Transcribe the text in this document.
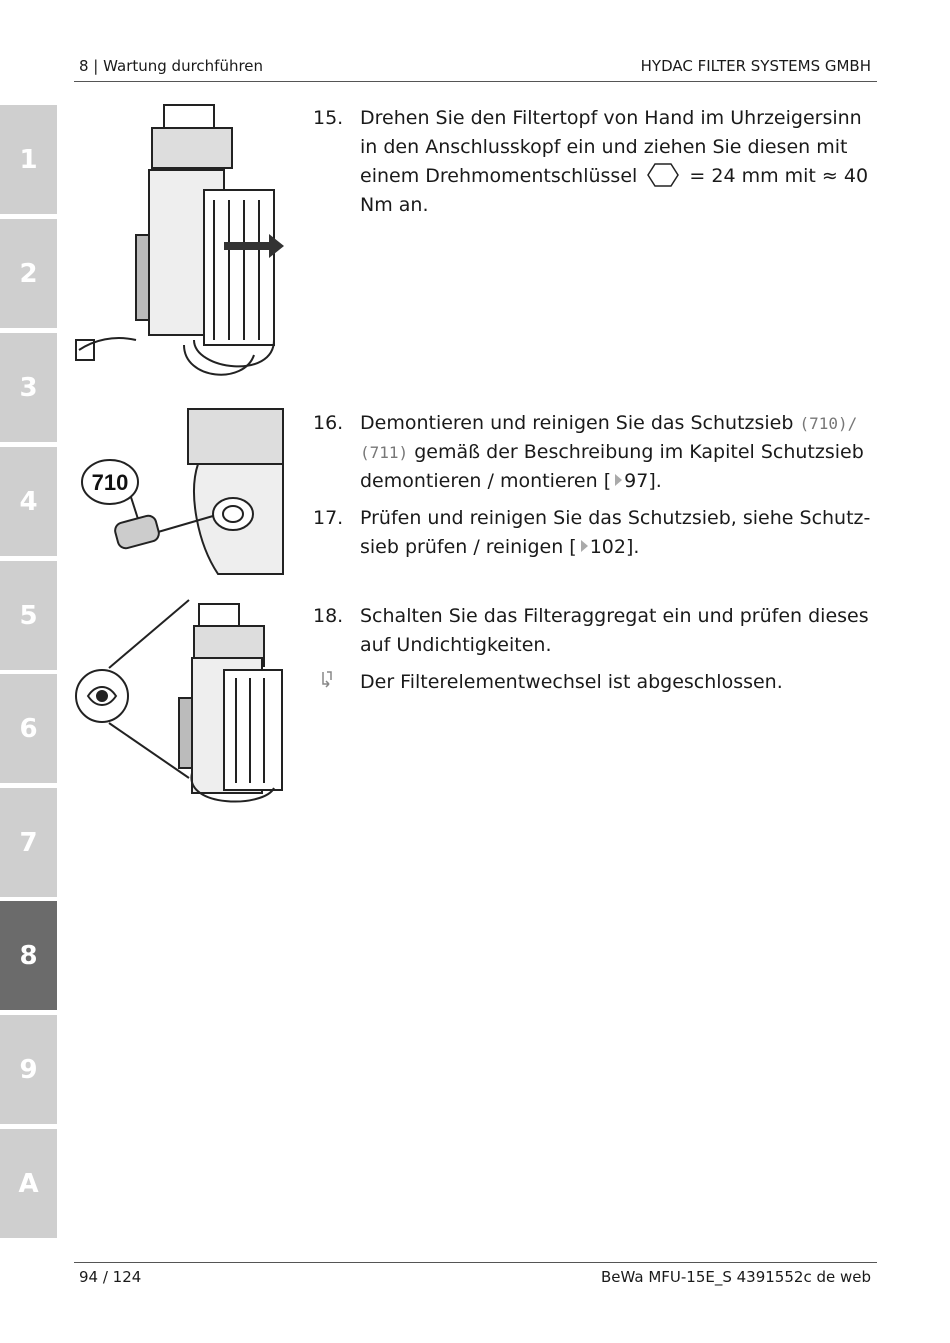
8 | Wartung durchführen	HYDAC FILTER SYSTEMS GMBH
1
2
3
4
5
6
7
8
9
A
710
15. Drehen Sie den Filtertopf von Hand im Uhrzeigersinn in den Anschlusskopf ein und ziehen Sie diesen mit einem Drehmomentschlüssel	= 24 mm mit ≈ 40 Nm an.
16. Demontieren und reinigen Sie das Schutzsieb (710)/ (711) gemäß der Beschreibung im Kapitel Schutzsieb demontieren / montieren [ 97].
17. Prüfen und reinigen Sie das Schutzsieb, siehe Schutzsieb prüfen / reinigen [ 102].
18. Schalten Sie das Filteraggregat ein und prüfen dieses auf Undichtigkeiten.
Der Filterelementwechsel ist abgeschlossen.
94 / 124	BeWa MFU-15E_S 4391552c de web
